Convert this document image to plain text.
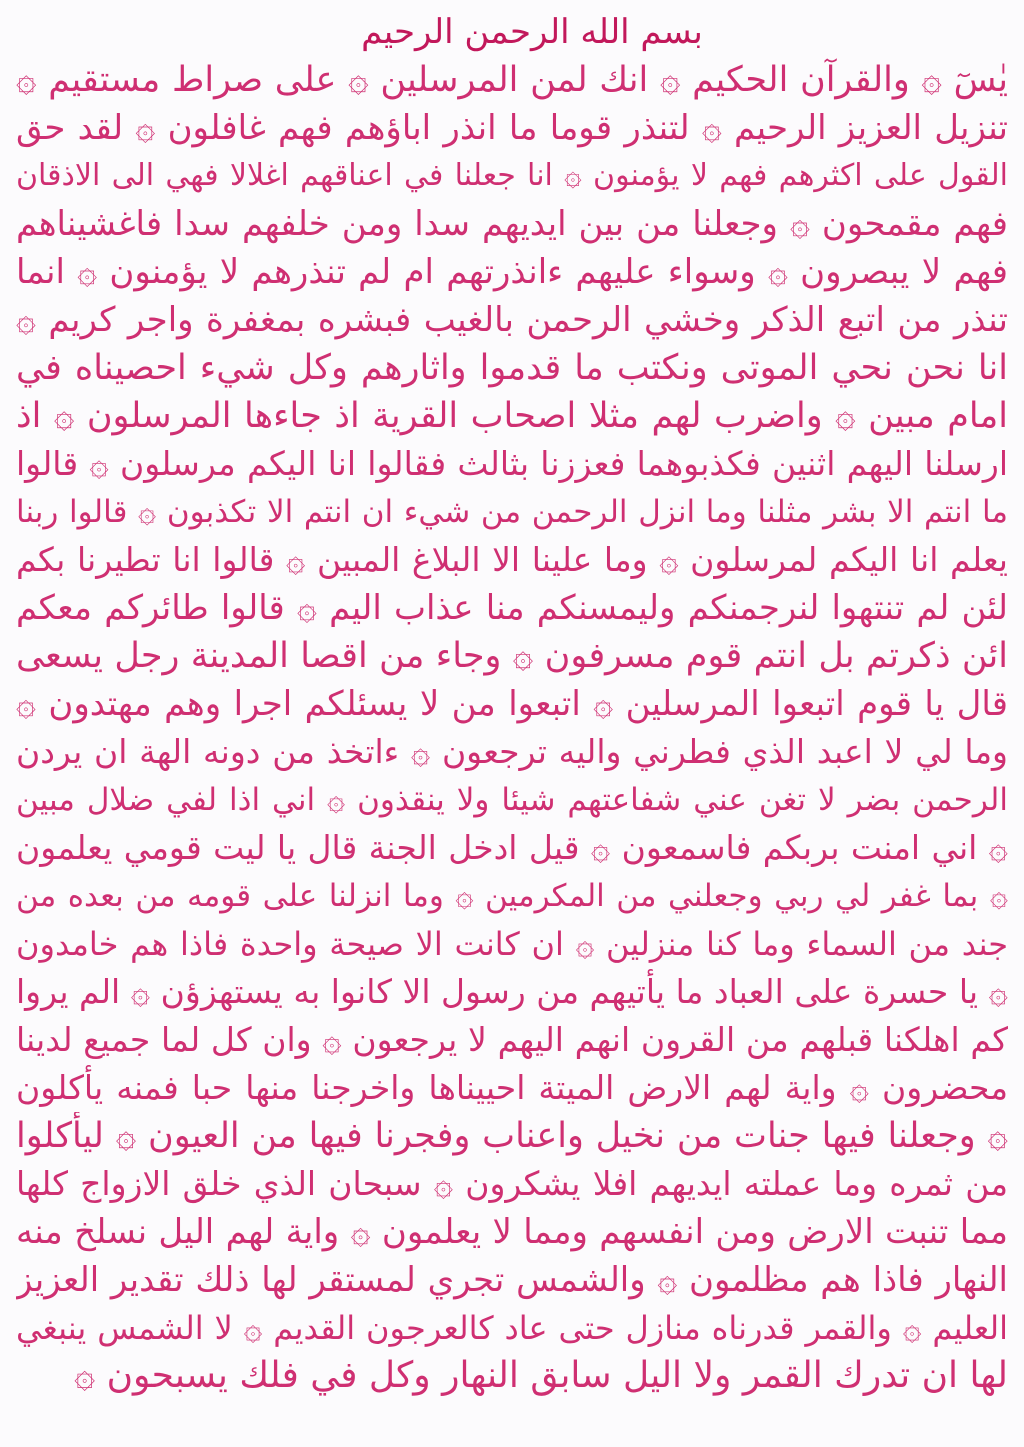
بسم الله الرحمن الرحيم
يٰسٓ ۞ والقرآن الحكيم ۞ انك لمن المرسلين ۞ على صراط مستقيم ۞
تنزيل العزيز الرحيم ۞ لتنذر قوما ما انذر اباؤهم فهم غافلون ۞ لقد حق
القول على اكثرهم فهم لا يؤمنون ۞ انا جعلنا في اعناقهم اغلالا فهي الى الاذقان
فهم مقمحون ۞ وجعلنا من بين ايديهم سدا ومن خلفهم سدا فاغشيناهم
فهم لا يبصرون ۞ وسواء عليهم ءانذرتهم ام لم تنذرهم لا يؤمنون ۞ انما
تنذر من اتبع الذكر وخشي الرحمن بالغيب فبشره بمغفرة واجر كريم ۞
انا نحن نحي الموتى ونكتب ما قدموا واثارهم وكل شيء احصيناه في
امام مبين ۞ واضرب لهم مثلا اصحاب القرية اذ جاءها المرسلون ۞ اذ
ارسلنا اليهم اثنين فكذبوهما فعززنا بثالث فقالوا انا اليكم مرسلون ۞ قالوا
ما انتم الا بشر مثلنا وما انزل الرحمن من شيء ان انتم الا تكذبون ۞ قالوا ربنا
يعلم انا اليكم لمرسلون ۞ وما علينا الا البلاغ المبين ۞ قالوا انا تطيرنا بكم
لئن لم تنتهوا لنرجمنكم وليمسنكم منا عذاب اليم ۞ قالوا طائركم معكم
ائن ذكرتم بل انتم قوم مسرفون ۞ وجاء من اقصا المدينة رجل يسعى
قال يا قوم اتبعوا المرسلين ۞ اتبعوا من لا يسئلكم اجرا وهم مهتدون ۞
وما لي لا اعبد الذي فطرني واليه ترجعون ۞ ءاتخذ من دونه الهة ان يردن
الرحمن بضر لا تغن عني شفاعتهم شيئا ولا ينقذون ۞ اني اذا لفي ضلال مبين
۞ اني امنت بربكم فاسمعون ۞ قيل ادخل الجنة قال يا ليت قومي يعلمون
۞ بما غفر لي ربي وجعلني من المكرمين ۞ وما انزلنا على قومه من بعده من
جند من السماء وما كنا منزلين ۞ ان كانت الا صيحة واحدة فاذا هم خامدون
۞ يا حسرة على العباد ما يأتيهم من رسول الا كانوا به يستهزؤن ۞ الم يروا
كم اهلكنا قبلهم من القرون انهم اليهم لا يرجعون ۞ وان كل لما جميع لدينا
محضرون ۞ واية لهم الارض الميتة احييناها واخرجنا منها حبا فمنه يأكلون
۞ وجعلنا فيها جنات من نخيل واعناب وفجرنا فيها من العيون ۞ ليأكلوا
من ثمره وما عملته ايديهم افلا يشكرون ۞ سبحان الذي خلق الازواج كلها
مما تنبت الارض ومن انفسهم ومما لا يعلمون ۞ واية لهم اليل نسلخ منه
النهار فاذا هم مظلمون ۞ والشمس تجري لمستقر لها ذلك تقدير العزيز
العليم ۞ والقمر قدرناه منازل حتى عاد كالعرجون القديم ۞ لا الشمس ينبغي
لها ان تدرك القمر ولا اليل سابق النهار وكل في فلك يسبحون ۞
